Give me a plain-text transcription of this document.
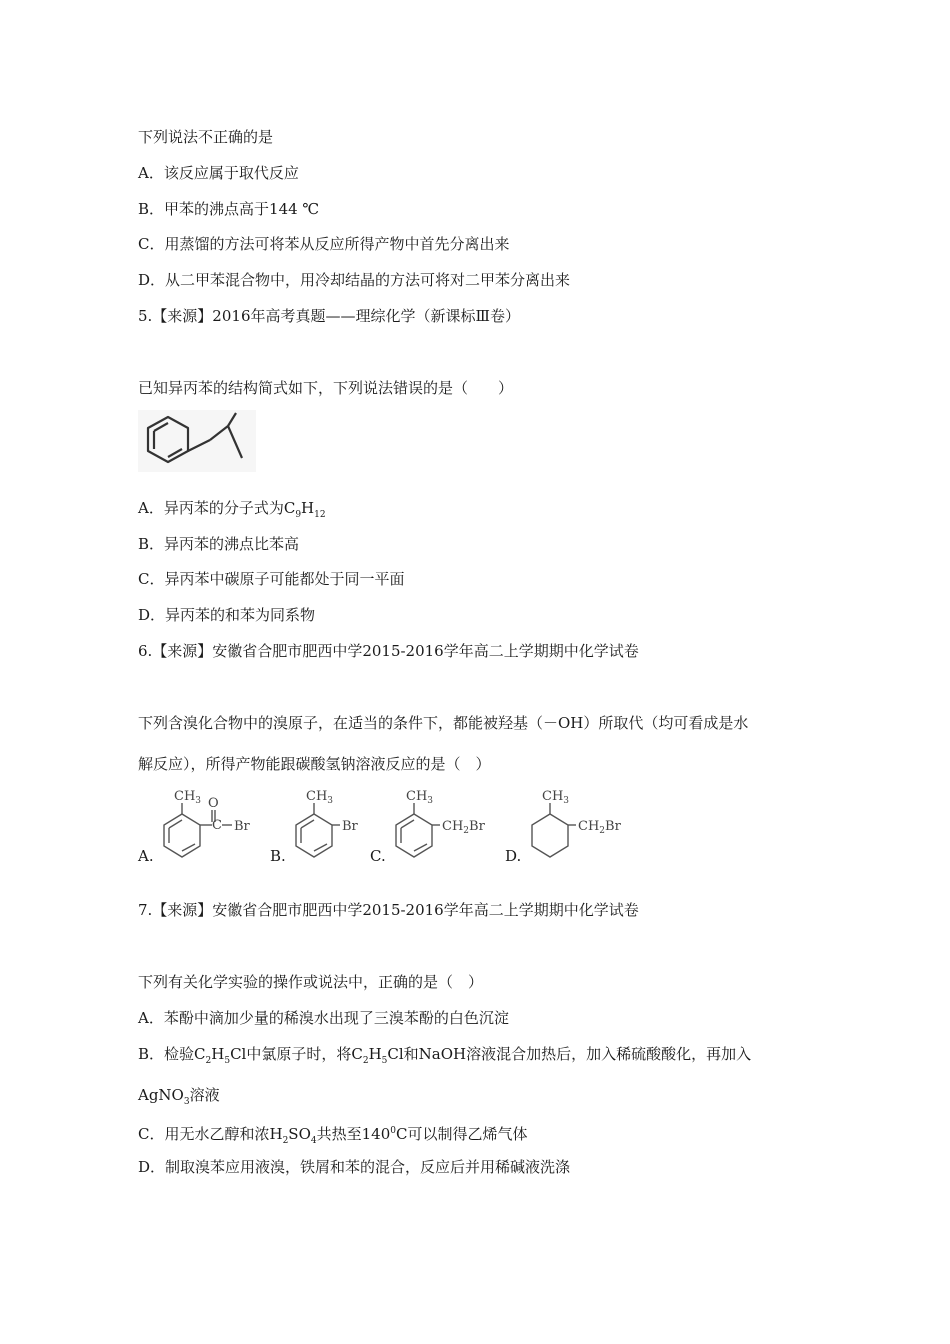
下列说法不正确的是
A．该反应属于取代反应
B．甲苯的沸点高于144 ℃
C．用蒸馏的方法可将苯从反应所得产物中首先分离出来
D．从二甲苯混合物中，用冷却结晶的方法可将对二甲苯分离出来
5.【来源】2016年高考真题——理综化学（新课标Ⅲ卷）
已知异丙苯的结构简式如下，下列说法错误的是（　　）
A．异丙苯的分子式为$C_9H_{12}$
B．异丙苯的沸点比苯高
C．异丙苯中碳原子可能都处于同一平面
D．异丙苯的和苯为同系物
6.【来源】安徽省合肥市肥西中学2015-2016学年高二上学期期中化学试卷
下列含溴化合物中的溴原子，在适当的条件下，都能被羟基（－OH）所取代（均可看成是水
解反应），所得产物能跟碳酸氢钠溶液反应的是（　）
A.
$CH_3$ O
C Br
B.
$CH_3$
Br
C.
$CH_3$
$CH_2Br$
D.
$CH_3$
$CH_2Br$
7.【来源】安徽省合肥市肥西中学2015-2016学年高二上学期期中化学试卷
下列有关化学实验的操作或说法中，正确的是（　）
A．苯酚中滴加少量的稀溴水出现了三溴苯酚的白色沉淀
B．检验$C_2H_5Cl$中氯原子时，将$C_2H_5Cl$和NaOH溶液混合加热后，加入稀硫酸酸化，再加入
AgNO$_3$溶液
C．用无水乙醇和浓$H_2SO_4$共热至$140^0C$可以制得乙烯气体
D．制取溴苯应用液溴，铁屑和苯的混合，反应后并用稀碱液洗涤
